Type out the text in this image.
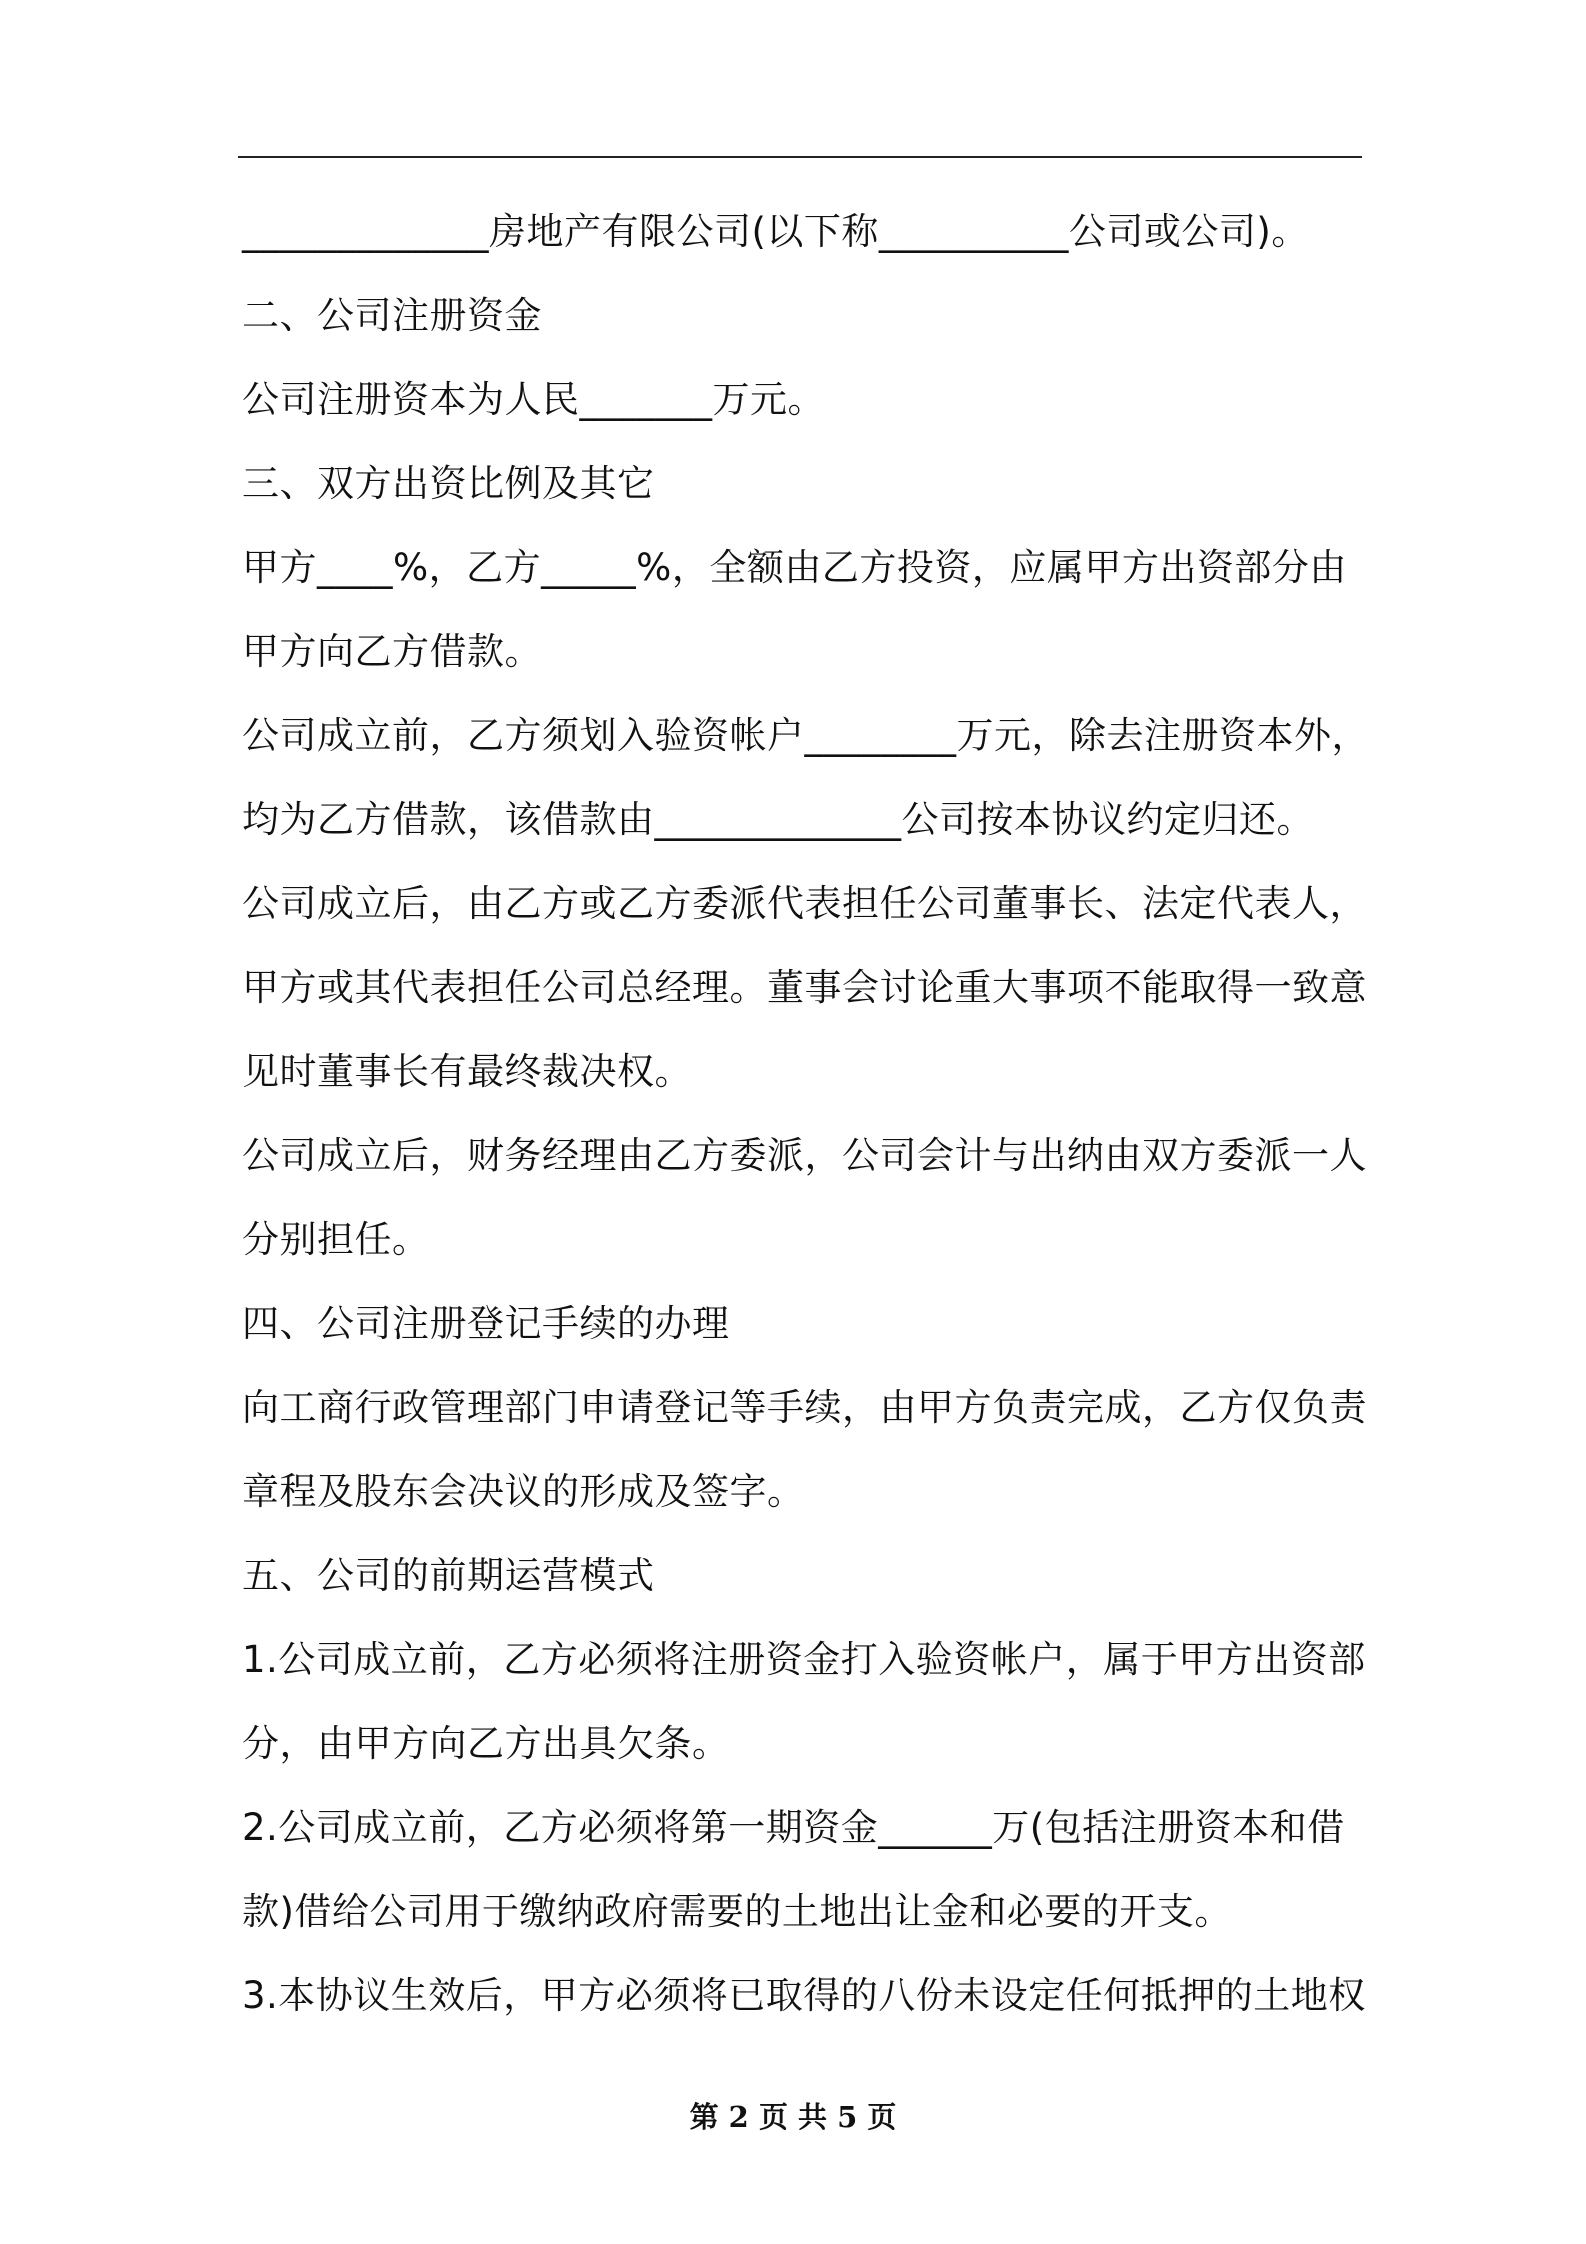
_____________房地产有限公司(以下称__________公司或公司)。
二、公司注册资金
公司注册资本为人民_______万元。
三、双方出资比例及其它
甲方____%，乙方_____%，全额由乙方投资，应属甲方出资部分由
甲方向乙方借款。
公司成立前，乙方须划入验资帐户________万元，除去注册资本外，
均为乙方借款，该借款由_____________公司按本协议约定归还。
公司成立后，由乙方或乙方委派代表担任公司董事长、法定代表人，
甲方或其代表担任公司总经理。董事会讨论重大事项不能取得一致意
见时董事长有最终裁决权。
公司成立后，财务经理由乙方委派，公司会计与出纳由双方委派一人
分别担任。
四、公司注册登记手续的办理
向工商行政管理部门申请登记等手续，由甲方负责完成，乙方仅负责
章程及股东会决议的形成及签字。
五、公司的前期运营模式
1.公司成立前，乙方必须将注册资金打入验资帐户，属于甲方出资部
分，由甲方向乙方出具欠条。
2.公司成立前，乙方必须将第一期资金______万(包括注册资本和借
款)借给公司用于缴纳政府需要的土地出让金和必要的开支。
3.本协议生效后，甲方必须将已取得的八份未设定任何抵押的土地权
第 2 页 共 5 页
